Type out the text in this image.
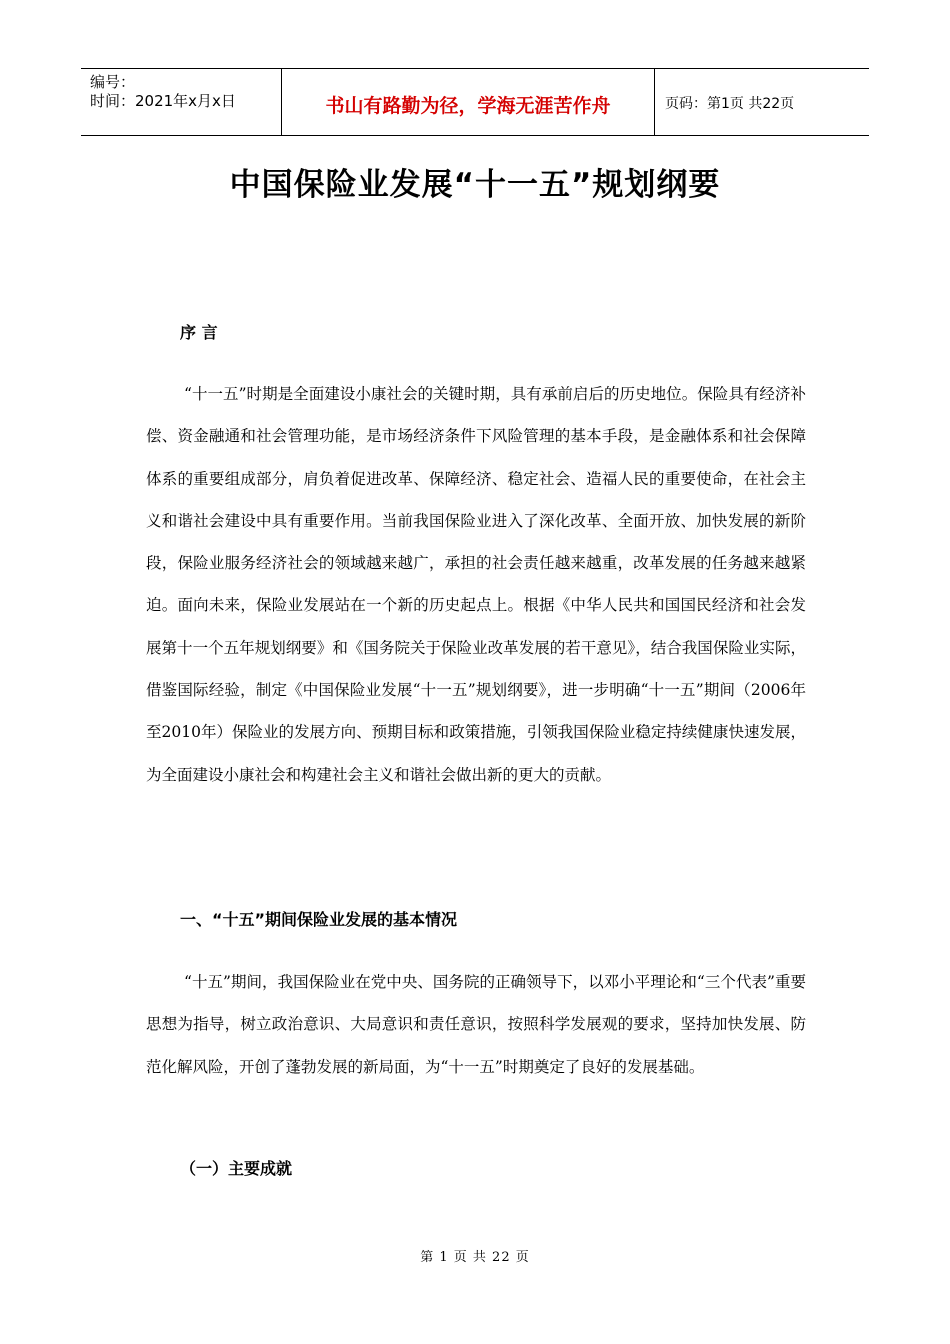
编号：
时间：2021年x月x日	书山有路勤为径，学海无涯苦作舟	页码：第1页 共22页
中国保险业发展“十一五”规划纲要
序 言

“十一五”时期是全面建设小康社会的关键时期，具有承前启后的历史地位。保险具有经济补偿、资金融通和社会管理功能，是市场经济条件下风险管理的基本手段，是金融体系和社会保障体系的重要组成部分，肩负着促进改革、保障经济、稳定社会、造福人民的重要使命，在社会主义和谐社会建设中具有重要作用。当前我国保险业进入了深化改革、全面开放、加快发展的新阶段，保险业服务经济社会的领域越来越广，承担的社会责任越来越重，改革发展的任务越来越紧迫。面向未来，保险业发展站在一个新的历史起点上。根据《中华人民共和国国民经济和社会发展第十一个五年规划纲要》和《国务院关于保险业改革发展的若干意见》，结合我国保险业实际，借鉴国际经验，制定《中国保险业发展“十一五”规划纲要》，进一步明确“十一五”期间（2006年至2010年）保险业的发展方向、预期目标和政策措施，引领我国保险业稳定持续健康快速发展，为全面建设小康社会和构建社会主义和谐社会做出新的更大的贡献。

一、“十五”期间保险业发展的基本情况

“十五”期间，我国保险业在党中央、国务院的正确领导下，以邓小平理论和“三个代表”重要思想为指导，树立政治意识、大局意识和责任意识，按照科学发展观的要求，坚持加快发展、防范化解风险，开创了蓬勃发展的新局面，为“十一五”时期奠定了良好的发展基础。

（一）主要成就
第 1 页 共 22 页
